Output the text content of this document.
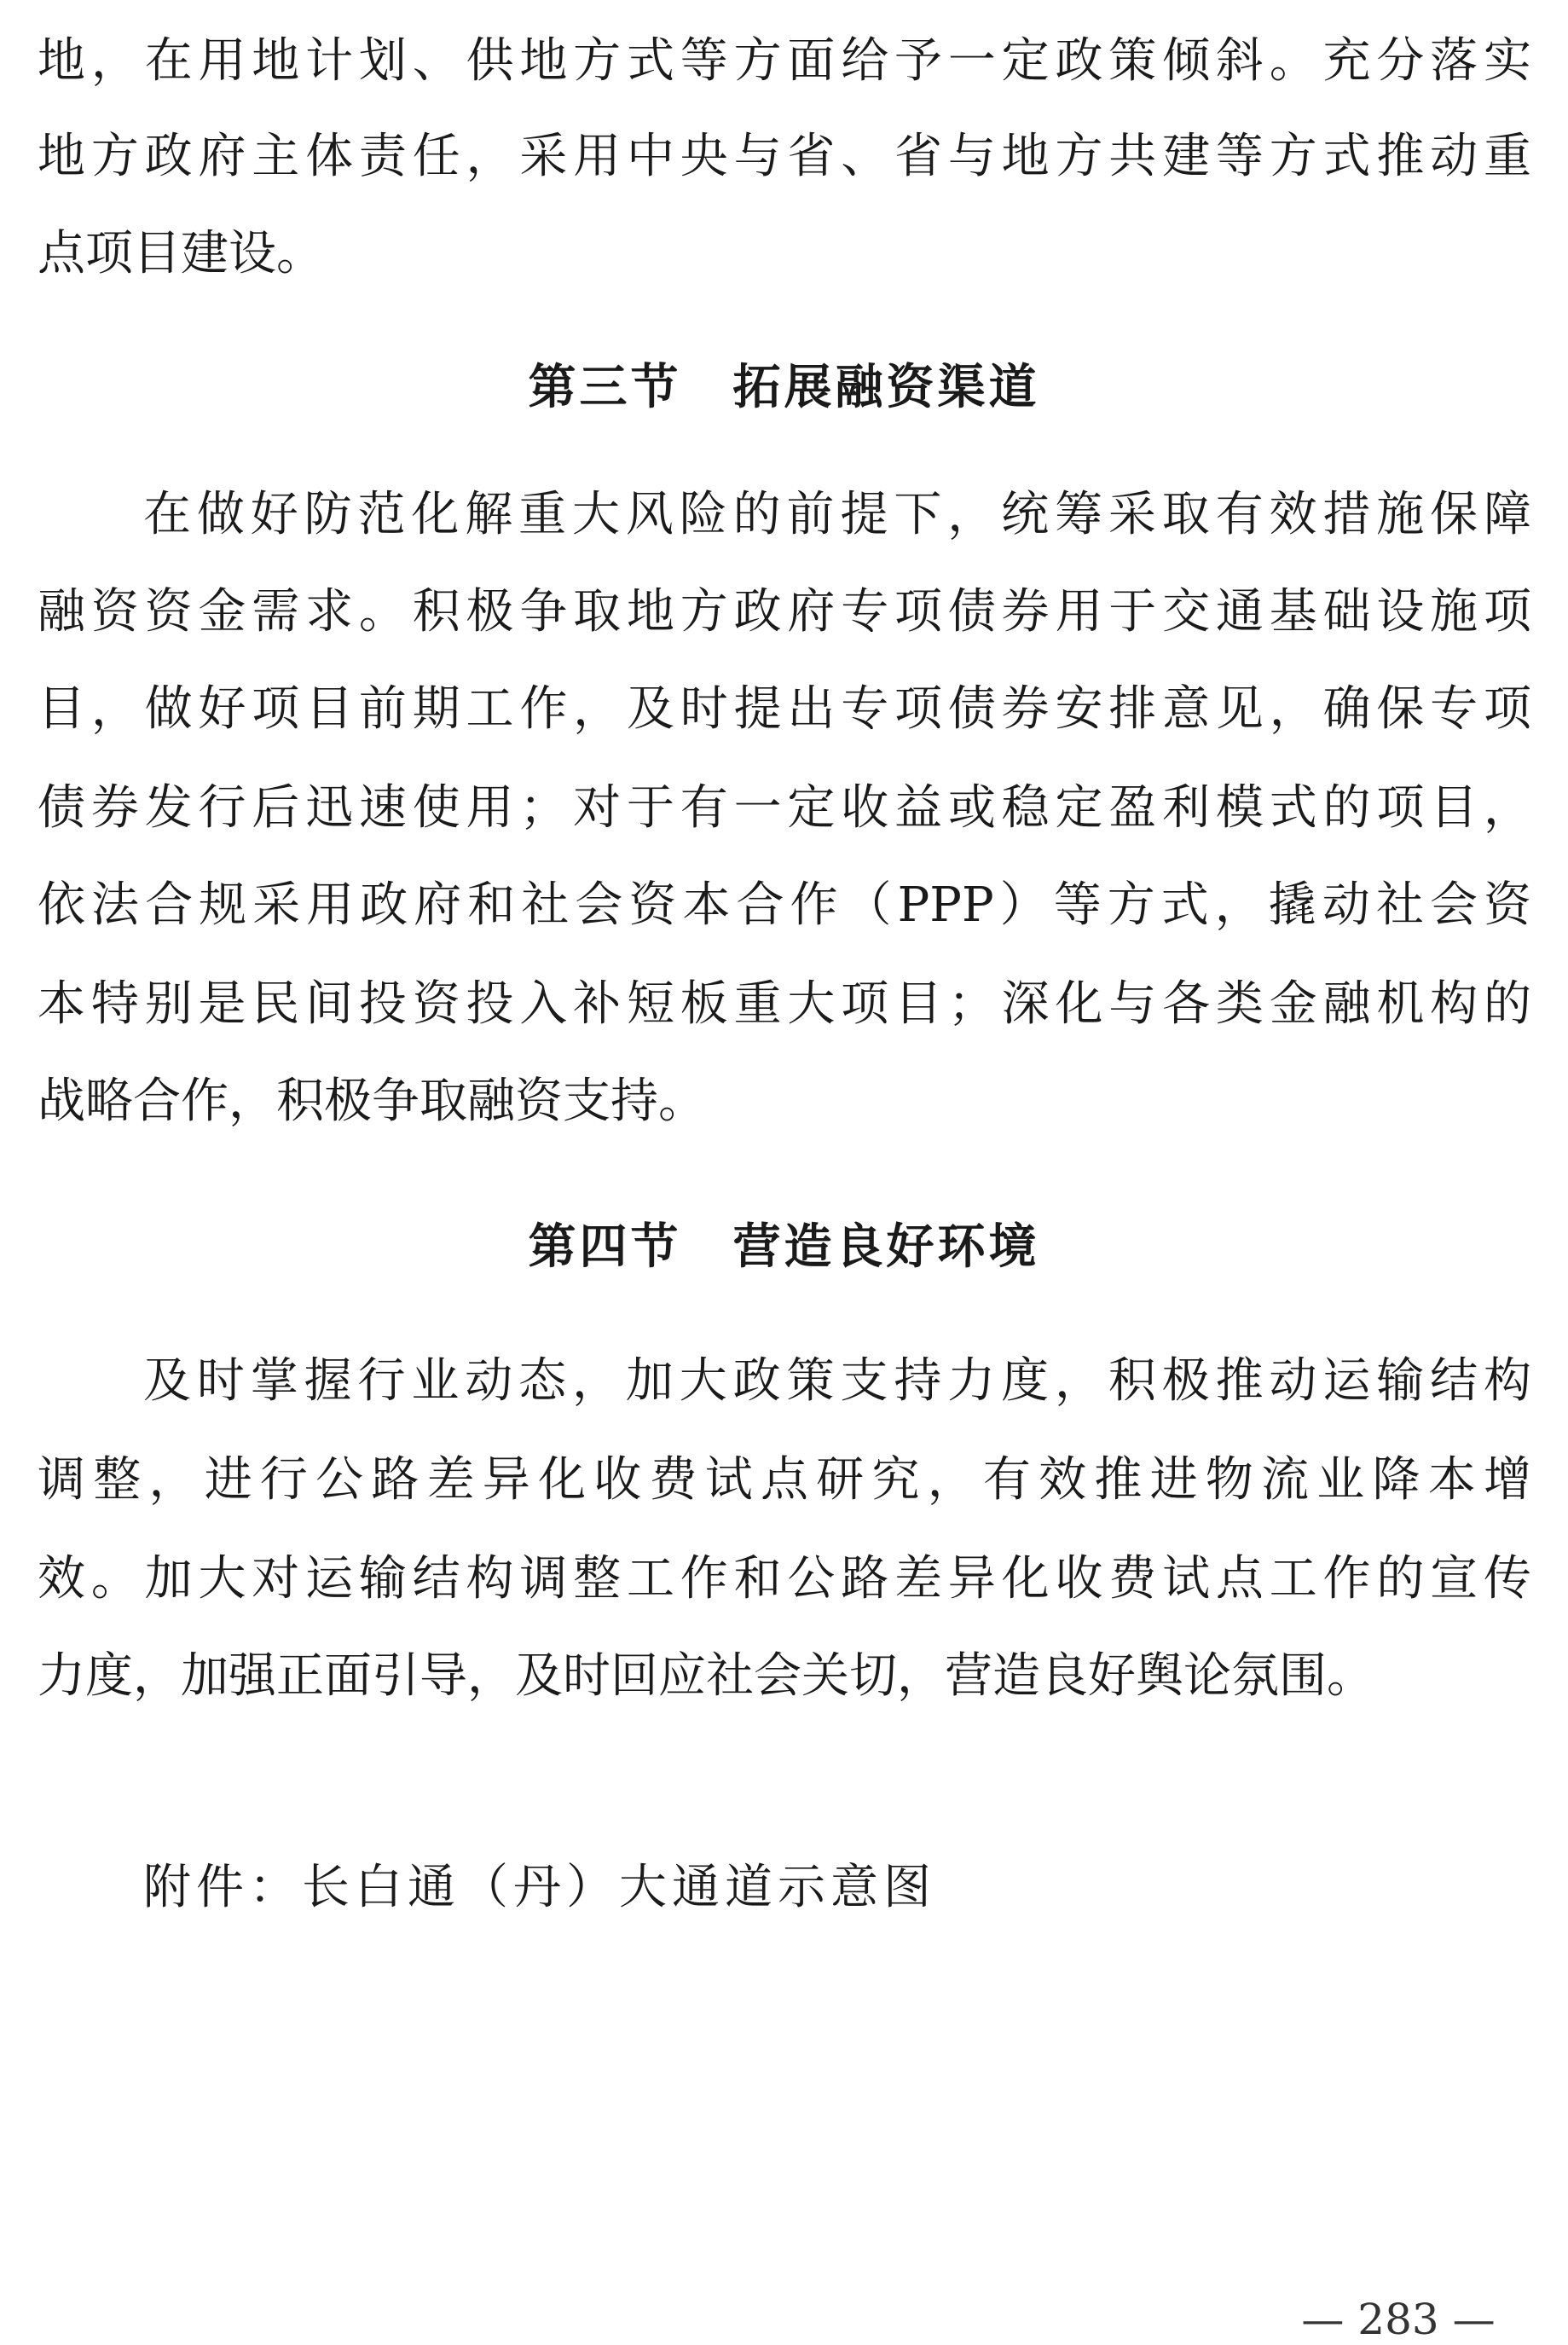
地，在用地计划、供地方式等方面给予一定政策倾斜。充分落实
地方政府主体责任，采用中央与省、省与地方共建等方式推动重
点项目建设。
第三节　拓展融资渠道
在做好防范化解重大风险的前提下，统筹采取有效措施保障
融资资金需求。积极争取地方政府专项债券用于交通基础设施项
目，做好项目前期工作，及时提出专项债券安排意见，确保专项
债券发行后迅速使用；对于有一定收益或稳定盈利模式的项目，
依法合规采用政府和社会资本合作（PPP）等方式，撬动社会资
本特别是民间投资投入补短板重大项目；深化与各类金融机构的
战略合作，积极争取融资支持。
第四节　营造良好环境
及时掌握行业动态，加大政策支持力度，积极推动运输结构
调整，进行公路差异化收费试点研究，有效推进物流业降本增
效。加大对运输结构调整工作和公路差异化收费试点工作的宣传
力度，加强正面引导，及时回应社会关切，营造良好舆论氛围。
附件：长白通（丹）大通道示意图
— 283 —
